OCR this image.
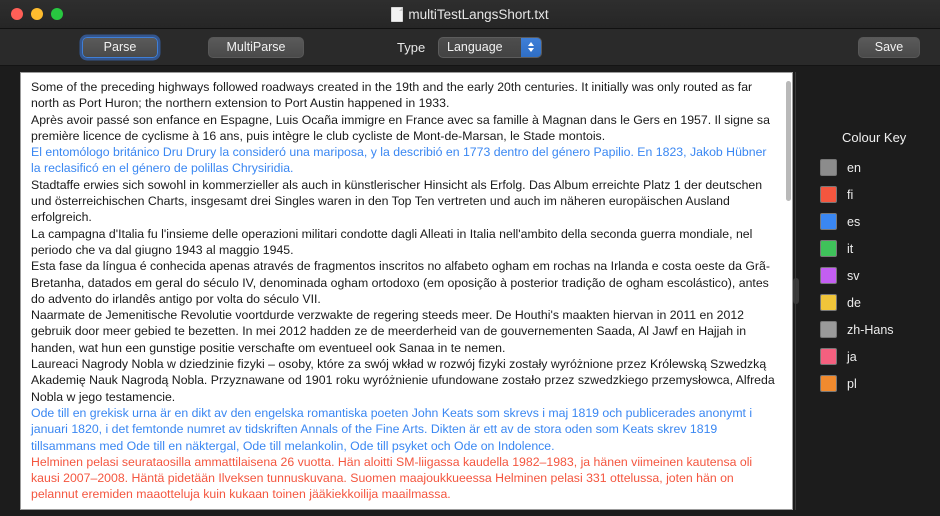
multiTestLangsShort.txt
Parse	MultiParse	Type Language	Save
Some of the preceding highways followed roadways created in the 19th and the early 20th centuries. It initially was only routed as far north as Port Huron; the northern extension to Port Austin happened in 1933.
Après avoir passé son enfance en Espagne, Luis Ocaña immigre en France avec sa famille à Magnan dans le Gers en 1957. Il signe sa première licence de cyclisme à 16 ans, puis intègre le club cycliste de Mont-de-Marsan, le Stade montois.
El entomólogo británico Dru Drury la consideró una mariposa, y la describió en 1773 dentro del género Papilio. En 1823, Jakob Hübner la reclasificó en el género de polillas Chrysiridia.
Stadtaffe erwies sich sowohl in kommerzieller als auch in künstlerischer Hinsicht als Erfolg. Das Album erreichte Platz 1 der deutschen und österreichischen Charts, insgesamt drei Singles waren in den Top Ten vertreten und auch im näheren europäischen Ausland erfolgreich.
La campagna d'Italia fu l'insieme delle operazioni militari condotte dagli Alleati in Italia nell'ambito della seconda guerra mondiale, nel periodo che va dal giugno 1943 al maggio 1945.
Esta fase da língua é conhecida apenas através de fragmentos inscritos no alfabeto ogham em rochas na Irlanda e costa oeste da Grã-Bretanha, datados em geral do século IV, denominada ogham ortodoxo (em oposição à posterior tradição de ogham escolástico), antes do advento do irlandês antigo por volta do século VII.
Naarmate de Jemenitische Revolutie voortdurde verzwakte de regering steeds meer. De Houthi's maakten hiervan in 2011 en 2012 gebruik door meer gebied te bezetten. In mei 2012 hadden ze de meerderheid van de gouvernementen Saada, Al Jawf en Hajjah in handen, wat hun een gunstige positie verschafte om eventueel ook Sanaa in te nemen.
Laureaci Nagrody Nobla w dziedzinie fizyki – osoby, które za swój wkład w rozwój fizyki zostały wyróżnione przez Królewską Szwedzką Akademię Nauk Nagrodą Nobla. Przyznawane od 1901 roku wyróżnienie ufundowane zostało przez szwedzkiego przemysłowca, Alfreda Nobla w jego testamencie.
Ode till en grekisk urna är en dikt av den engelska romantiska poeten John Keats som skrevs i maj 1819 och publicerades anonymt i januari 1820, i det femtonde numret av tidskriften Annals of the Fine Arts. Dikten är ett av de stora oden som Keats skrev 1819 tillsammans med Ode till en näktergal, Ode till melankolin, Ode till psyket och Ode on Indolence.
Helminen pelasi seurataosilla ammattilaisena 26 vuotta. Hän aloitti SM-liigassa kaudella 1982–1983, ja hänen viimeinen kautensa oli kausi 2007–2008. Häntä pidetään Ilveksen tunnuskuvana. Suomen maajoukkueessa Helminen pelasi 331 ottelussa, joten hän on pelannut eremiden maaotteluja kuin kukaan toinen jääkiekkoilija maailmassa.
Colour Key
en
fi
es
it
sv
de
zh-Hans
ja
pl
